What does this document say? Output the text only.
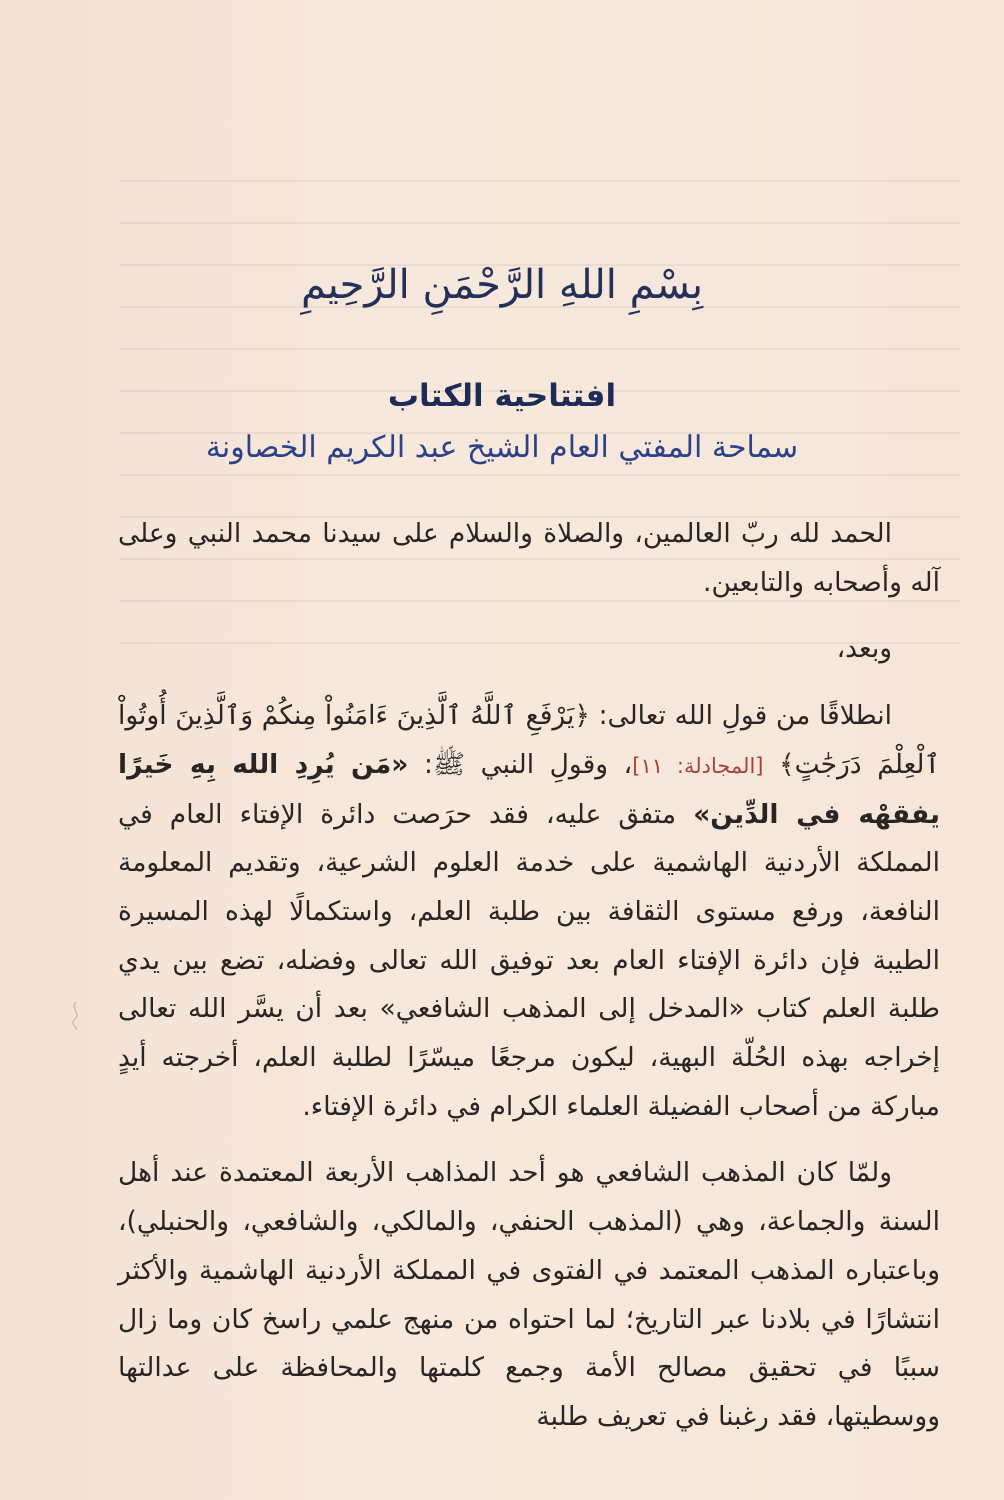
بِسْمِ اللهِ الرَّحْمَنِ الرَّحِيمِ
افتتاحية الكتاب
سماحة المفتي العام الشيخ عبد الكريم الخصاونة

الحمد لله ربّ العالمين، والصلاة والسلام على سيدنا محمد النبي وعلى آله وأصحابه والتابعين.

وبعد،

انطلاقًا من قولِ الله تعالى: ﴿يَرْفَعِ ٱللَّهُ ٱلَّذِينَ ءَامَنُواْ مِنكُمْ وَٱلَّذِينَ أُوتُواْ ٱلْعِلْمَ دَرَجَٰتٍ﴾ [المجادلة: ١١]، وقولِ النبي ﷺ: «مَن يُرِدِ الله بِهِ خَيرًا يفقهْه في الدِّين» متفق عليه، فقد حرَصت دائرة الإفتاء العام في المملكة الأردنية الهاشمية على خدمة العلوم الشرعية، وتقديم المعلومة النافعة، ورفع مستوى الثقافة بين طلبة العلم، واستكمالًا لهذه المسيرة الطيبة فإن دائرة الإفتاء العام بعد توفيق الله تعالى وفضله، تضع بين يدي طلبة العلم كتاب «المدخل إلى المذهب الشافعي» بعد أن يسَّر الله تعالى إخراجه بهذه الحُلّة البهية، ليكون مرجعًا ميسّرًا لطلبة العلم، أخرجته أيدٍ مباركة من أصحاب الفضيلة العلماء الكرام في دائرة الإفتاء.

ولمّا كان المذهب الشافعي هو أحد المذاهب الأربعة المعتمدة عند أهل السنة والجماعة، وهي (المذهب الحنفي، والمالكي، والشافعي، والحنبلي)، وباعتباره المذهب المعتمد في الفتوى في المملكة الأردنية الهاشمية والأكثر انتشارًا في بلادنا عبر التاريخ؛ لما احتواه من منهج علمي راسخ كان وما زال سببًا في تحقيق مصالح الأمة وجمع كلمتها والمحافظة على عدالتها ووسطيتها، فقد رغبنا في تعريف طلبة
